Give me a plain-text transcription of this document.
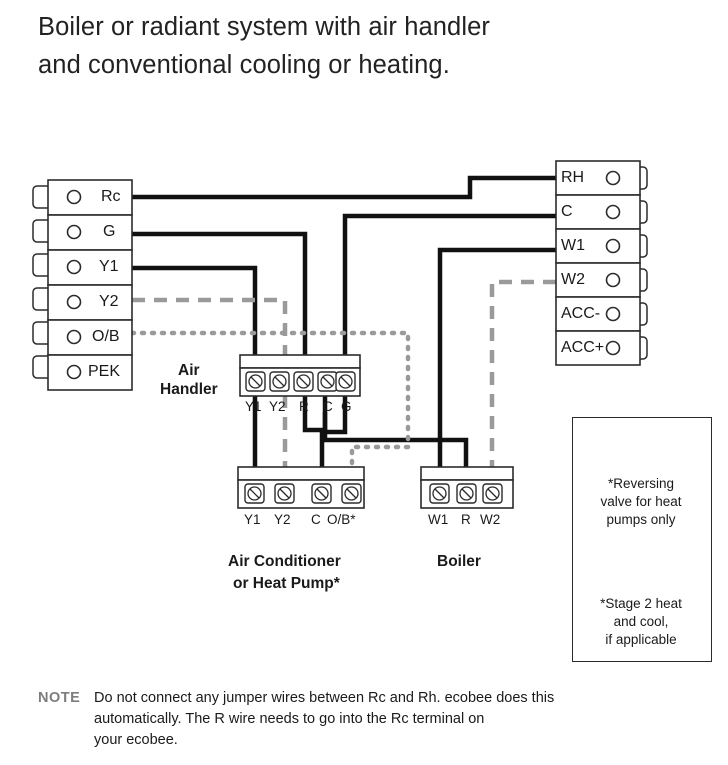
Boiler or radiant system with air handler
and conventional cooling or heating.
Rc
G
Y1
Y2
O/B
PEK
RH
C
W1
W2
ACC-
ACC+
Air
Handler
Y1 Y2 R C G
Y1 Y2 C O/B*
Air Conditioner
or Heat Pump*
W1 R W2
Boiler
*Reversing
valve for heat
pumps only
*Stage 2 heat
and cool,
if applicable
NOTE Do not connect any jumper wires between Rc and Rh. ecobee does this
automatically. The R wire needs to go into the Rc terminal on
your ecobee.
